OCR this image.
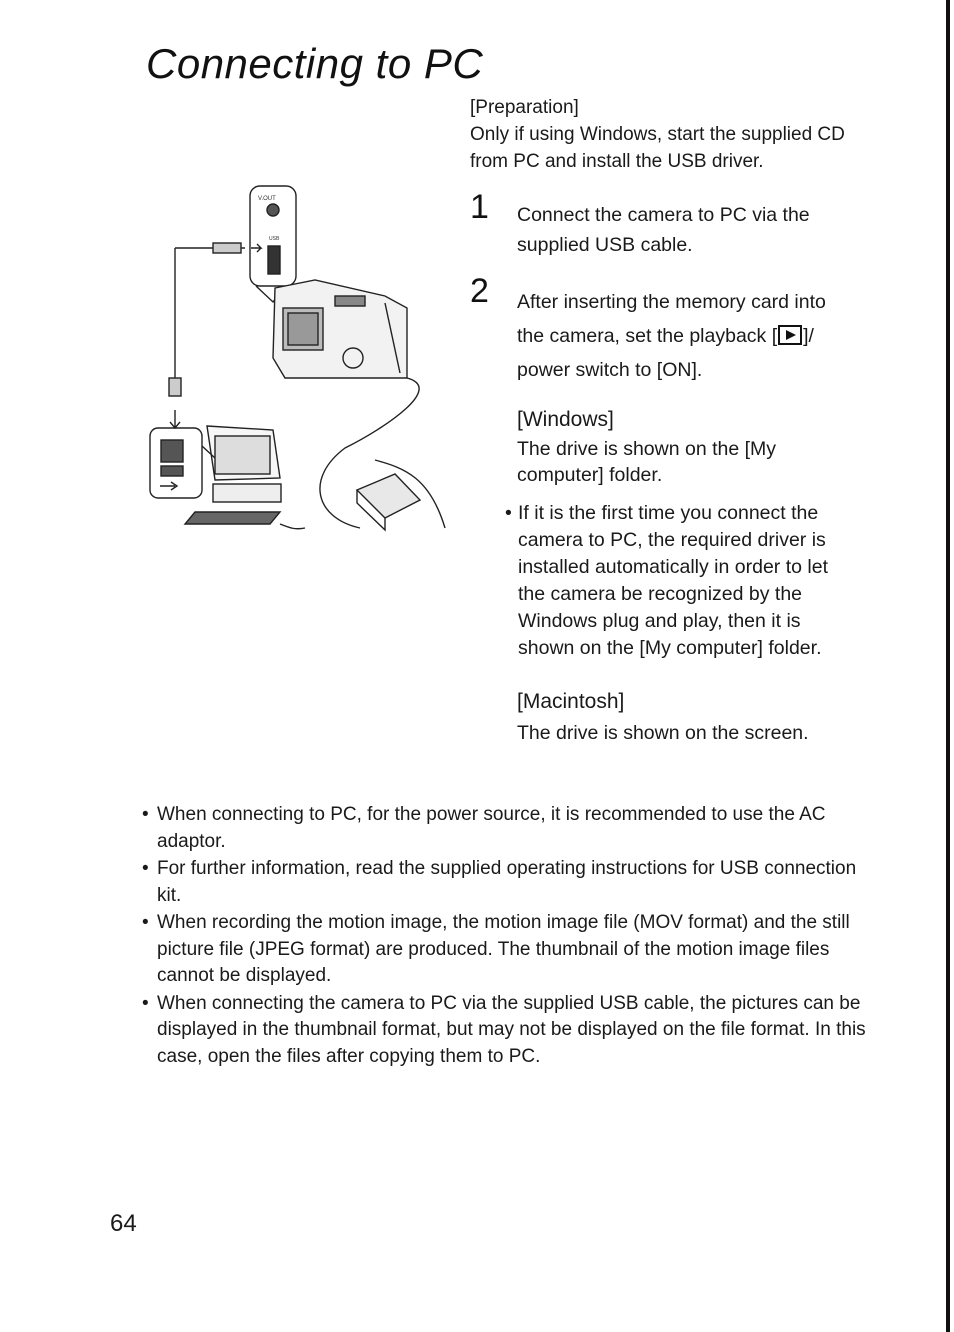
Connecting to PC
[Preparation]
Only if using Windows, start the supplied CD from PC and install the USB driver.
V.OUT
USB
1 Connect the camera to PC via the supplied USB cable.
2 After inserting the memory card into the camera, set the playback [ ]/ power switch to [ON].
[Windows]
The drive is shown on the [My computer] folder.
• If it is the first time you connect the camera to PC, the required driver is installed automatically in order to let the camera be recognized by the Windows plug and play, then it is shown on the [My computer] folder.
[Macintosh]
The drive is shown on the screen.
• When connecting to PC, for the power source, it is recommended to use the AC adaptor.
• For further information, read the supplied operating instructions for USB connection kit.
• When recording the motion image, the motion image file (MOV format) and the still picture file (JPEG format) are produced. The thumbnail of the motion image files cannot be displayed.
• When connecting the camera to PC via the supplied USB cable, the pictures can be displayed in the thumbnail format, but may not be displayed on the file format. In this case, open the files after copying them to PC.
64
